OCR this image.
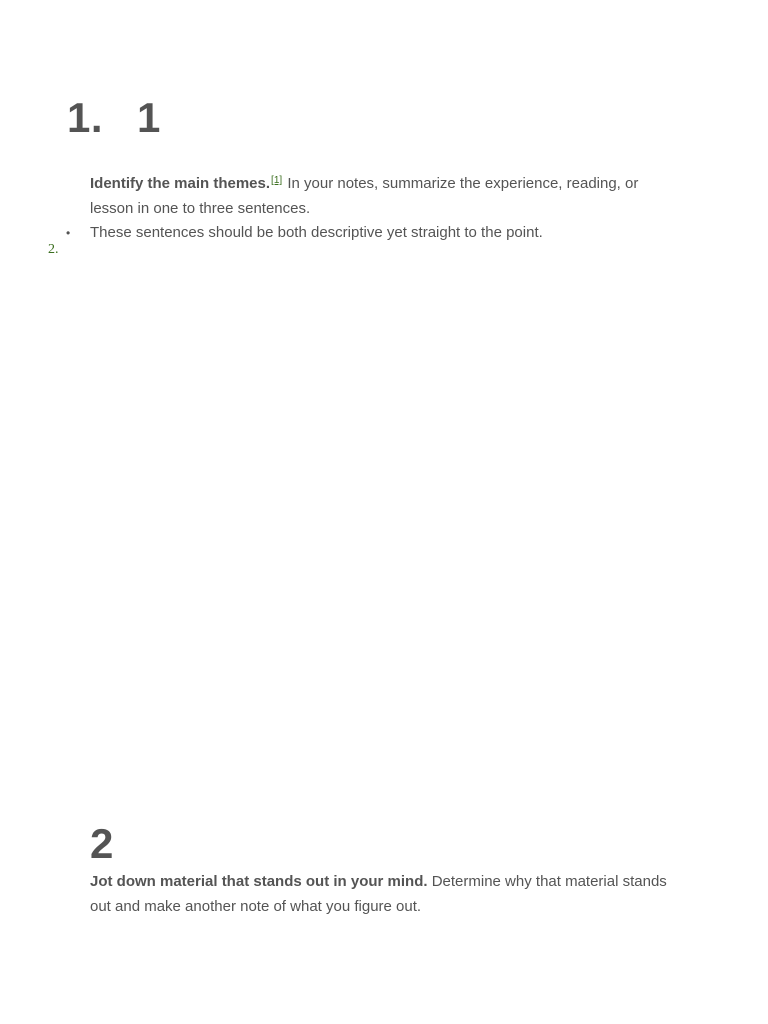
1. 1

Identify the main themes.[1] In your notes, summarize the experience, reading, or lesson in one to three sentences.

• These sentences should be both descriptive yet straight to the point.
2.
2

Jot down material that stands out in your mind. Determine why that material stands out and make another note of what you figure out.
